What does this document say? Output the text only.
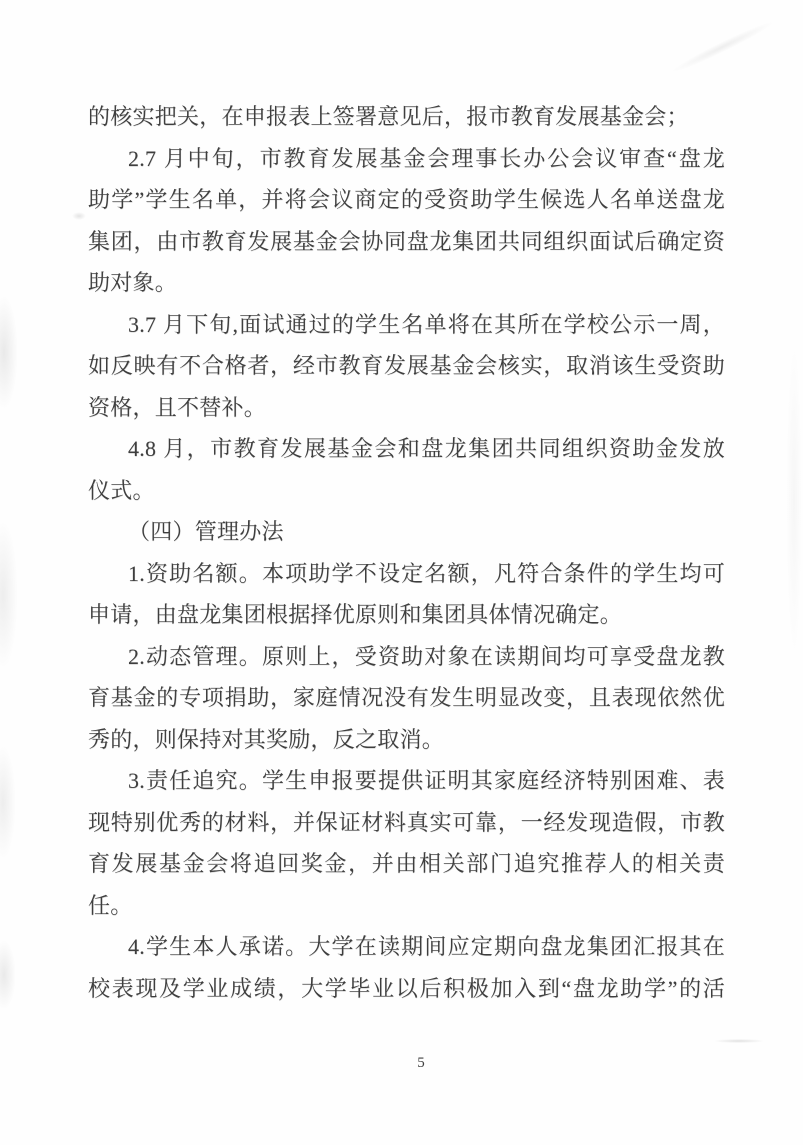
的核实把关，在申报表上签署意见后，报市教育发展基金会；
2.7 月中旬，市教育发展基金会理事长办公会议审查“盘龙
助学”学生名单，并将会议商定的受资助学生候选人名单送盘龙
集团，由市教育发展基金会协同盘龙集团共同组织面试后确定资
助对象。
3.7 月下旬,面试通过的学生名单将在其所在学校公示一周，
如反映有不合格者，经市教育发展基金会核实，取消该生受资助
资格，且不替补。
4.8 月，市教育发展基金会和盘龙集团共同组织资助金发放
仪式。
（四）管理办法
1.资助名额。本项助学不设定名额，凡符合条件的学生均可
申请，由盘龙集团根据择优原则和集团具体情况确定。
2.动态管理。原则上，受资助对象在读期间均可享受盘龙教
育基金的专项捐助，家庭情况没有发生明显改变，且表现依然优
秀的，则保持对其奖励，反之取消。
3.责任追究。学生申报要提供证明其家庭经济特别困难、表
现特别优秀的材料，并保证材料真实可靠，一经发现造假，市教
育发展基金会将追回奖金，并由相关部门追究推荐人的相关责
任。
4.学生本人承诺。大学在读期间应定期向盘龙集团汇报其在
校表现及学业成绩，大学毕业以后积极加入到“盘龙助学”的活
5
